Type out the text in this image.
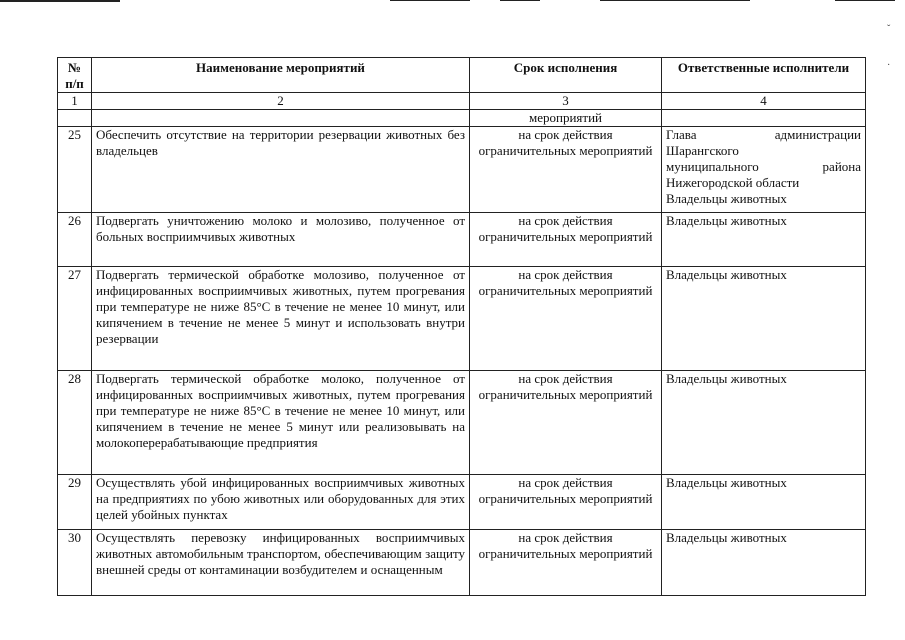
ˇ
·
№ п/п	Наименование мероприятий	Срок исполнения	Ответственные исполнители
1	2	3	4
		мероприятий	
25	Обеспечить отсутствие на территории резервации животных без владельцев	на срок действия ограничительных мероприятий	Глава администрации
Шарангского
муниципального района
Нижегородской области
Владельцы животных

26	Подвергать уничтожению молоко и молозиво, полученное от больных восприимчивых животных	на срок действия ограничительных мероприятий	Владельцы животных

27	Подвергать термической обработке молозиво, полученное от инфицированных восприимчивых животных, путем прогревания при температуре не ниже 85°С в течение не менее 10 минут, или кипячением в течение не менее 5 минут и использовать внутри резервации	на срок действия ограничительных мероприятий	Владельцы животных

28	Подвергать термической обработке молоко, полученное от инфицированных восприимчивых животных, путем прогревания при температуре не ниже 85°С в течение не менее 10 минут, или кипячением в течение не менее 5 минут или реализовывать на молокоперерабатывающие предприятия	на срок действия ограничительных мероприятий	Владельцы животных

29	Осуществлять убой инфицированных восприимчивых животных на предприятиях по убою животных или оборудованных для этих целей убойных пунктах	на срок действия ограничительных мероприятий	Владельцы животных

30	Осуществлять перевозку инфицированных восприимчивых животных автомобильным транспортом, обеспечивающим защиту внешней среды от контаминации возбудителем и оснащенным	на срок действия ограничительных мероприятий	Владельцы животных
